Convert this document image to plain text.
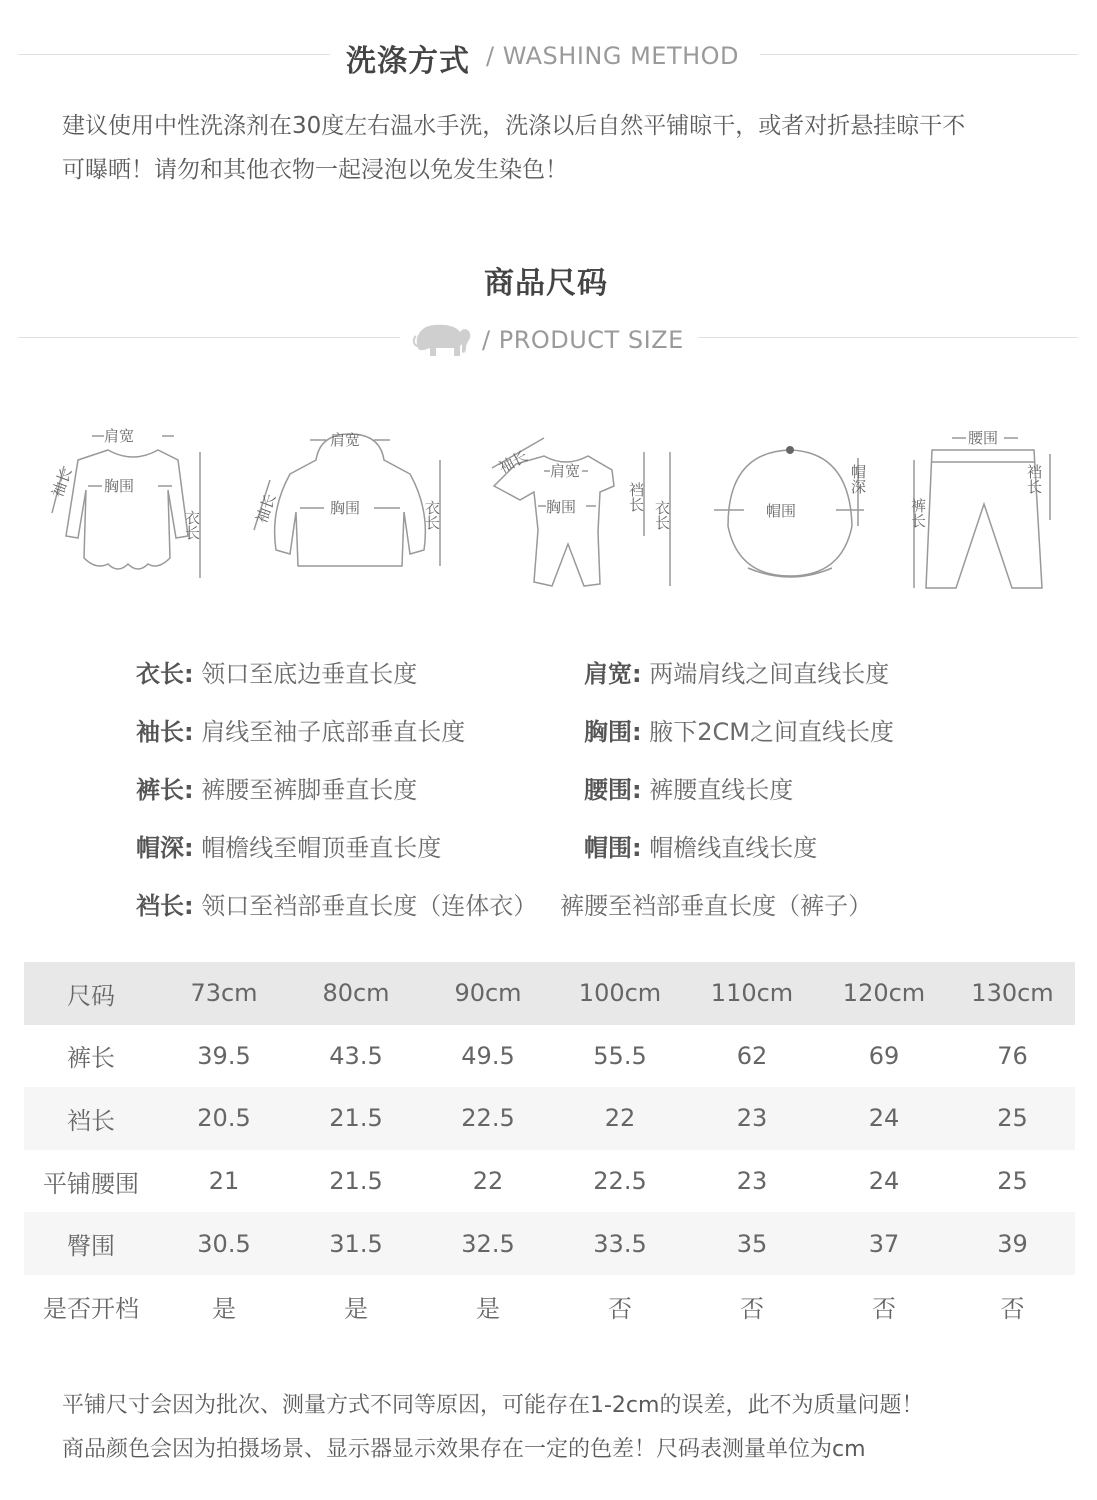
洗涤方式 / WASHING METHOD
建议使用中性洗涤剂在30度左右温水手洗，洗涤以后自然平铺晾干，或者对折悬挂晾干不
可曝晒！请勿和其他衣物一起浸泡以免发生染色！
商品尺码
/ PRODUCT SIZE
肩宽
胸围
袖长
衣长
肩宽
胸围
袖长	衣长
袖长 肩宽
胸围	裆长
衣长	帽围
帽深
腰围
裤长
裆长
衣长: 领口至底边垂直长度	肩宽: 两端肩线之间直线长度
袖长: 肩线至袖子底部垂直长度	胸围: 腋下2CM之间直线长度
裤长: 裤腰至裤脚垂直长度	腰围: 裤腰直线长度
帽深: 帽檐线至帽顶垂直长度	帽围: 帽檐线直线长度
裆长: 领口至裆部垂直长度（连体衣）   裤腰至裆部垂直长度（裤子）
尺码	73cm	80cm	90cm	100cm	110cm	120cm	130cm
裤长	39.5	43.5	49.5	55.5	62	69	76
裆长	20.5	21.5	22.5	22	23	24	25
平铺腰围	21	21.5	22	22.5	23	24	25
臀围	30.5	31.5	32.5	33.5	35	37	39
是否开档	是	是	是	否	否	否	否
平铺尺寸会因为批次、测量方式不同等原因，可能存在1-2cm的误差，此不为质量问题！
商品颜色会因为拍摄场景、显示器显示效果存在一定的色差！尺码表测量单位为cm
